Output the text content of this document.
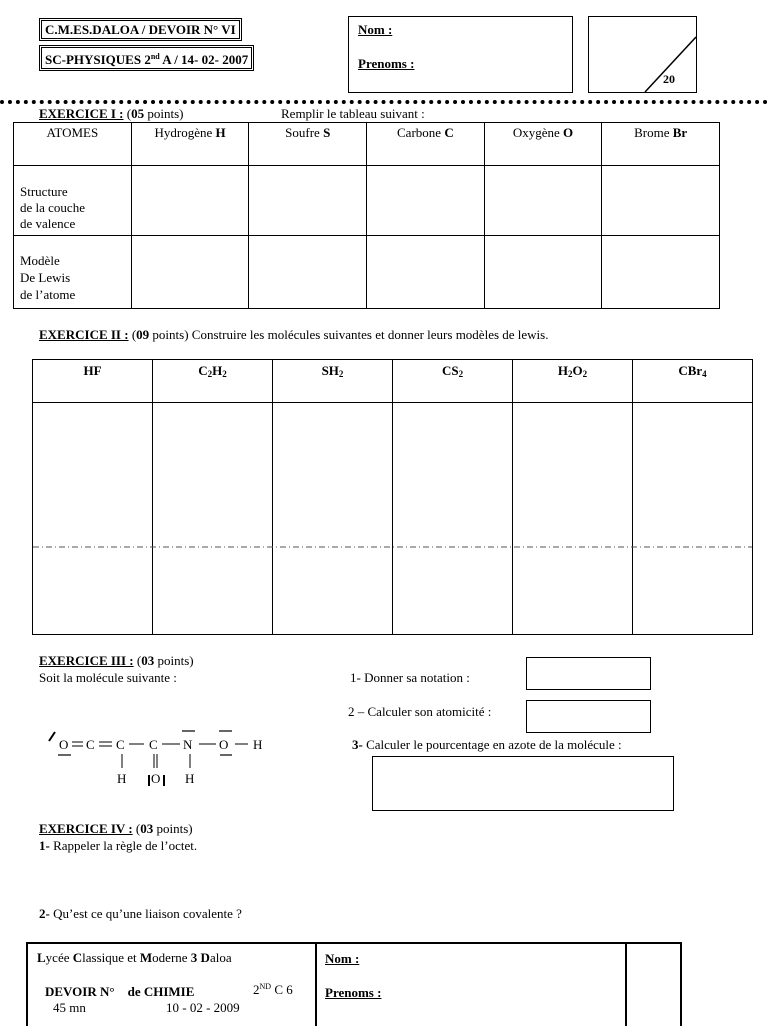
C.M.ES.DALOA / DEVOIR N° VI
SC-PHYSIQUES 2nd A / 14- 02- 2007
Nom :
Prenoms :
20
EXERCICE I : (05 points)	Remplir le tableau suivant :
ATOMES	Hydrogène H	Soufre S	Carbone C	Oxygène O	Brome Br

Structure
de la couche
de valence					

Modèle
De Lewis
de l’atome					

EXERCICE II : (09 points) Construire les molécules suivantes et donner leurs modèles de lewis.
HF	$C_2H_2$	$SH_2$	$CS_2$	$H_2O_2$	CBr$_4$

EXERCICE III : (03 points)
Soit la molécule suivante :	1- Donner sa notation :
2 – Calculer son atomicité :
3- Calculer le pourcentage en azote de la molécule :
O C C C N O H
H O H
EXERCICE IV : (03 points)
1- Rappeler la règle de l’octet.
2- Qu’est ce qu’une liaison covalente ?
Lycée Classique et Moderne 3 Daloa
DEVOIR N°    de CHIMIE	2ND C 6
45 mn	10 - 02 - 2009
Nom :
Prenoms :
